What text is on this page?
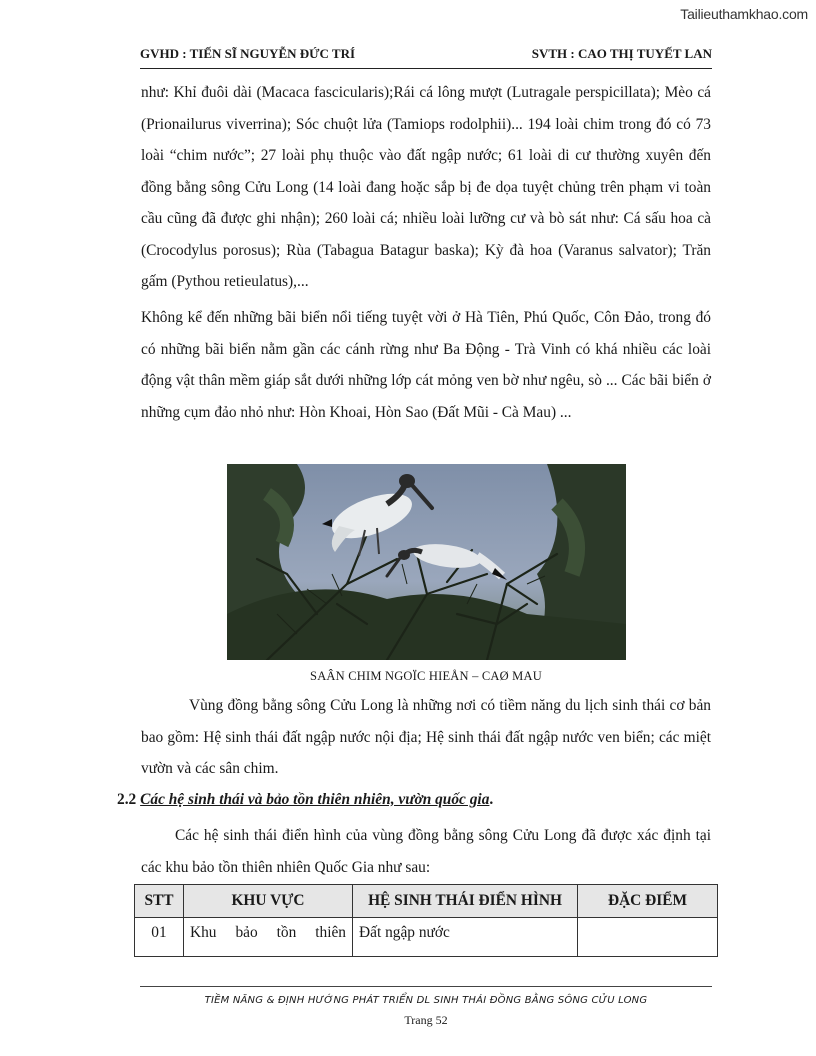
Tailieuthamkhao.com
GVHD : TIẾN SĨ NGUYỄN ĐỨC TRÍ	SVTH : CAO THỊ TUYẾT LAN

như: Khỉ đuôi dài (Macaca fascicularis);Rái cá lông mượt (Lutragale perspicillata); Mèo cá (Prionailurus viverrina); Sóc chuột lửa (Tamiops rodolphii)... 194 loài chim trong đó có 73 loài “chim nước”; 27 loài phụ thuộc vào đất ngập nước; 61 loài di cư thường xuyên đến đồng bằng sông Cửu Long (14 loài đang hoặc sắp bị đe dọa tuyệt chủng trên phạm vi toàn cầu cũng đã được ghi nhận); 260 loài cá; nhiều loài lưỡng cư và bò sát như: Cá sấu hoa cà (Crocodylus porosus); Rùa (Tabagua Batagur baska); Kỳ đà hoa (Varanus salvator); Trăn gấm (Pythou retieulatus),...

Không kể đến những bãi biển nổi tiếng tuyệt vời ở Hà Tiên, Phú Quốc, Côn Đảo, trong đó có những bãi biển nằm gần các cánh rừng như Ba Động - Trà Vinh có khá nhiều các loài động vật thân mềm giáp sắt dưới những lớp cát mỏng ven bờ như ngêu, sò ... Các bãi biển ở những cụm đảo nhỏ như: Hòn Khoai, Hòn Sao (Đất Mũi - Cà Mau) ...

SAÂN CHIM NGOÏC HIEÅN – CAØ MAU

Vùng đồng bằng sông Cửu Long là những nơi có tiềm năng du lịch sinh thái cơ bản bao gồm: Hệ sinh thái đất ngập nước nội địa; Hệ sinh thái đất ngập nước ven biển; các miệt vườn và các sân chim.

2.2 Các hệ sinh thái và bảo tồn thiên nhiên, vườn quốc gia.

Các hệ sinh thái điển hình của vùng đồng bằng sông Cửu Long đã được xác định tại các khu bảo tồn thiên nhiên Quốc Gia như sau:

STT	KHU VỰC	HỆ SINH THÁI ĐIỂN HÌNH	ĐẶC ĐIỂM
01	Khu bảo tồn thiên	Đất ngập nước	
TIỀM NĂNG & ĐỊNH HƯỚNG PHÁT TRIỂN DL SINH THÁI ĐỒNG BẰNG SÔNG CỬU LONG
Trang 52
